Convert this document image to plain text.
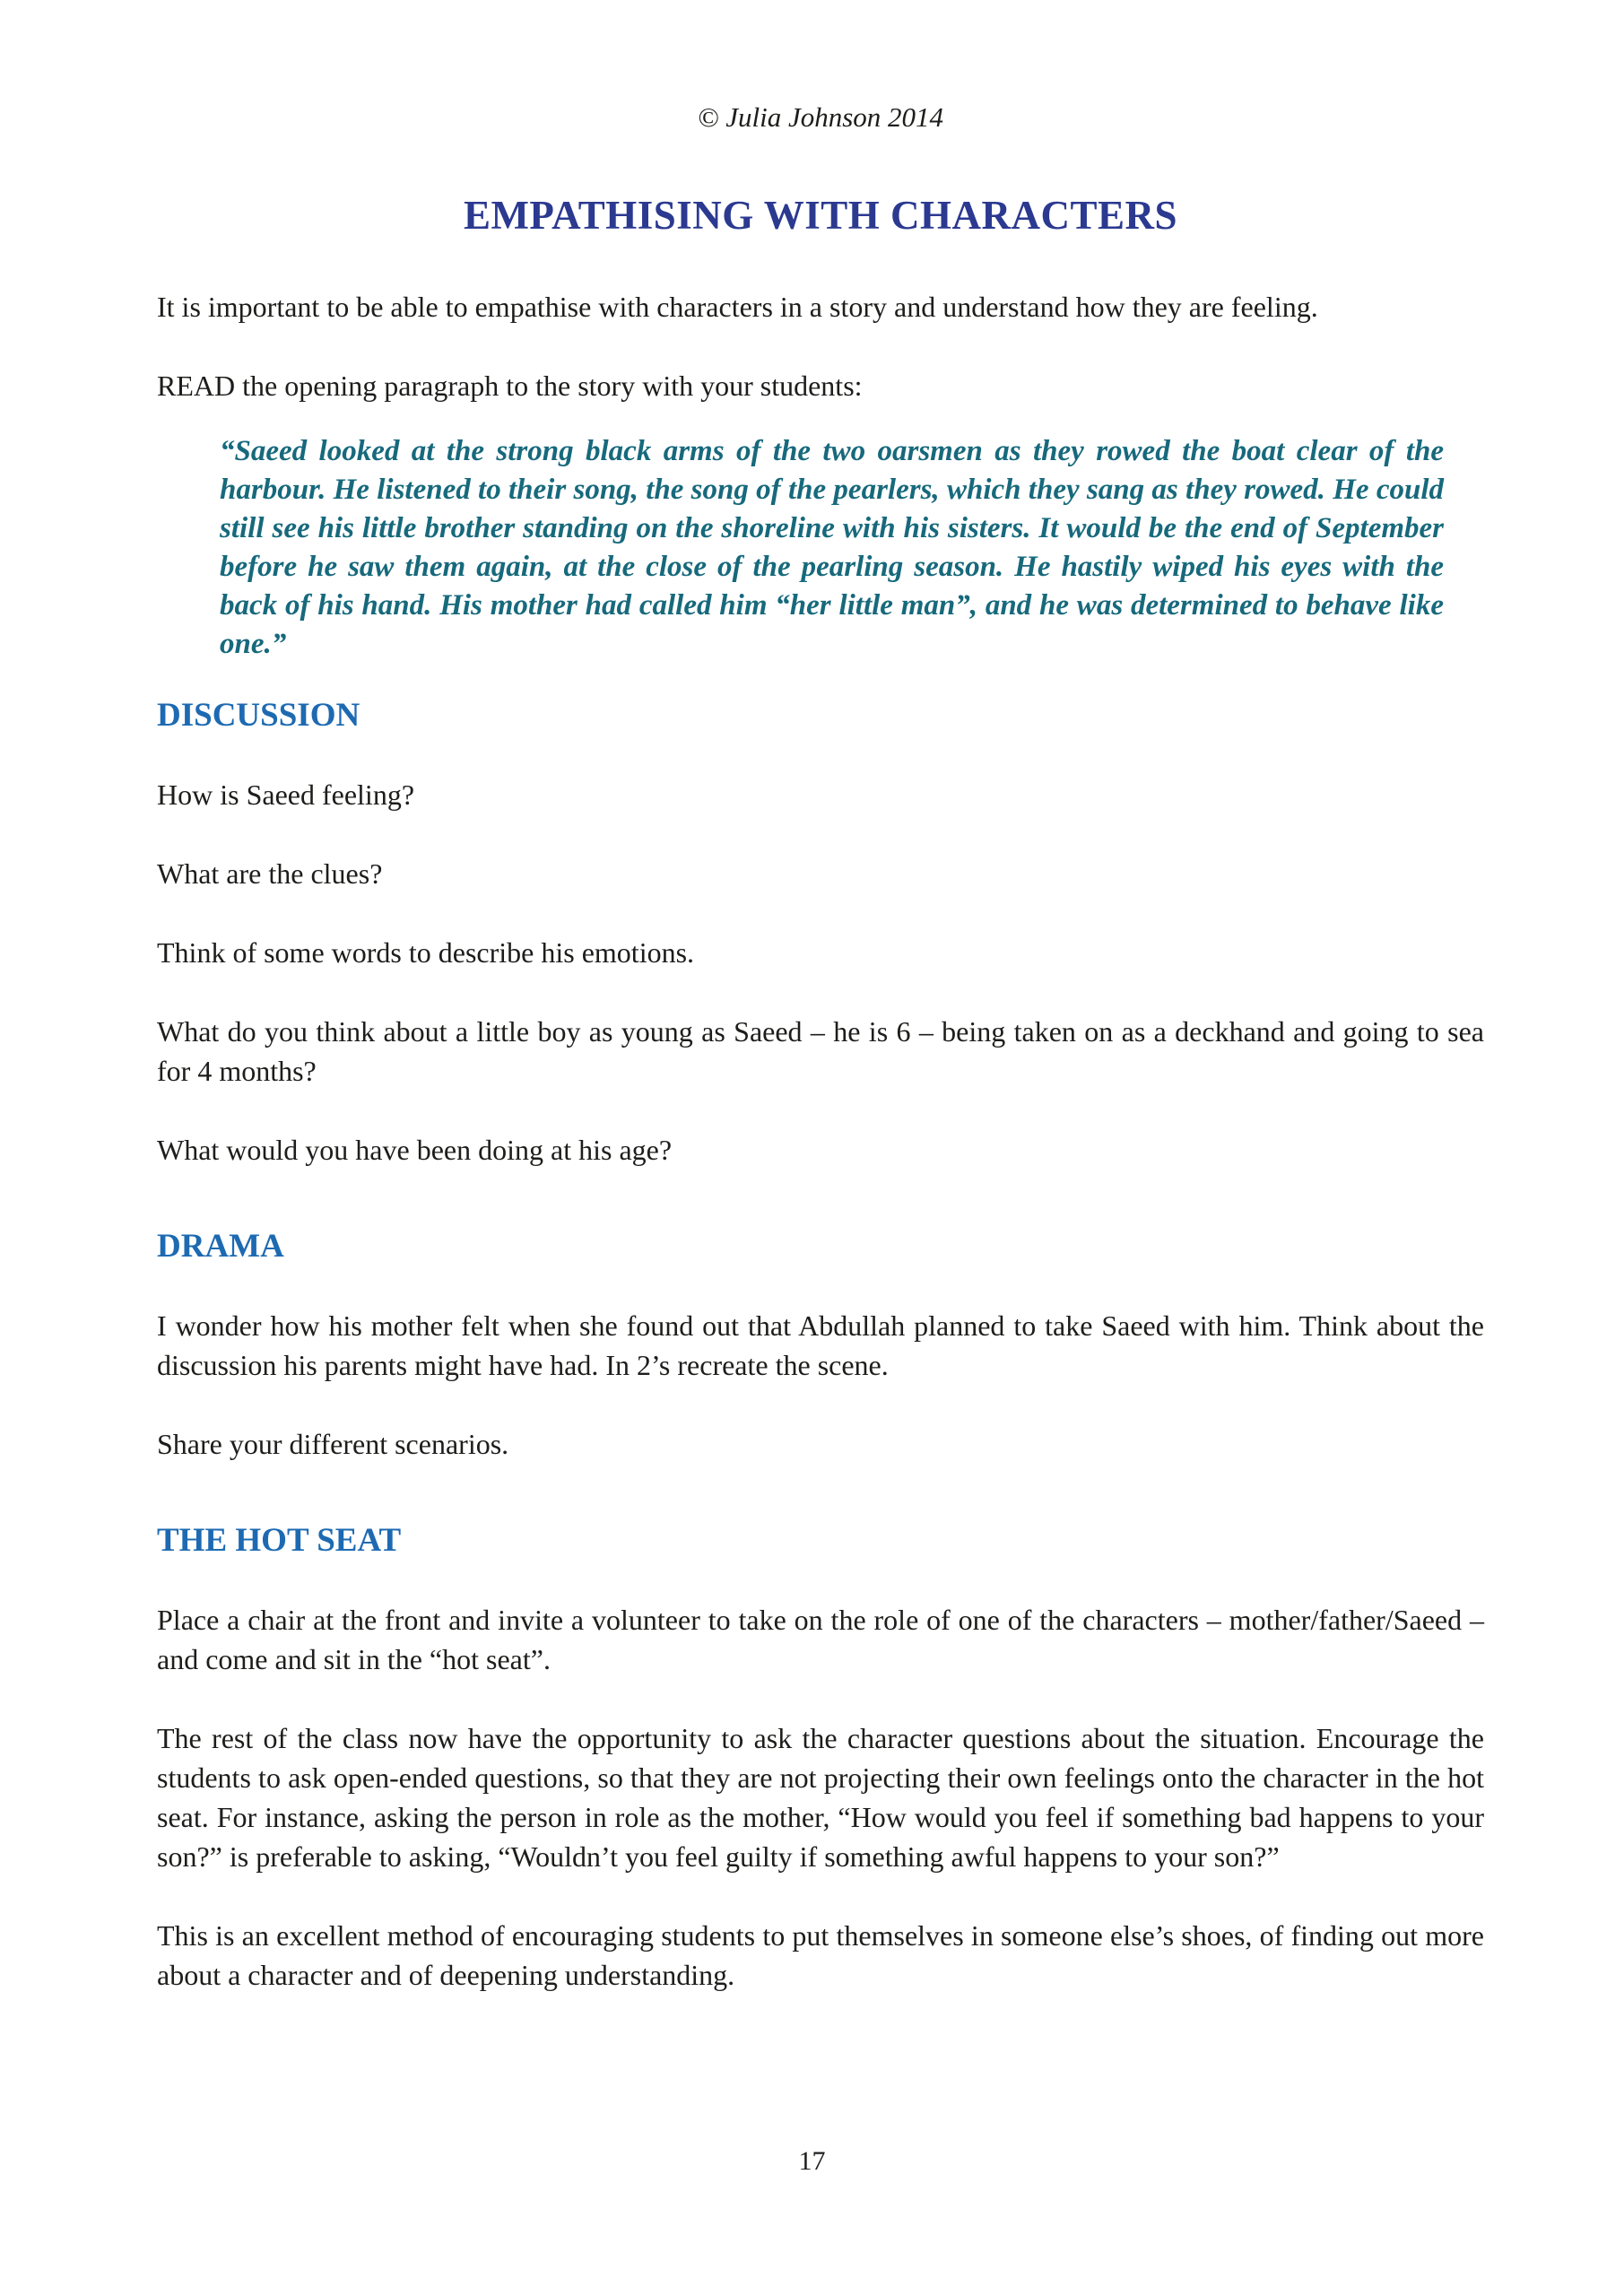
© Julia Johnson 2014
EMPATHISING WITH CHARACTERS

It is important to be able to empathise with characters in a story and understand how they are feeling.

READ the opening paragraph to the story with your students:

“Saeed looked at the strong black arms of the two oarsmen as they rowed the boat clear of the harbour. He listened to their song, the song of the pearlers, which they sang as they rowed. He could still see his little brother standing on the shoreline with his sisters. It would be the end of September before he saw them again, at the close of the pearling season. He hastily wiped his eyes with the back of his hand. His mother had called him “her little man”, and he was determined to behave like one.”

DISCUSSION

How is Saeed feeling?

What are the clues?

Think of some words to describe his emotions.

What do you think about a little boy as young as Saeed – he is 6 – being taken on as a deckhand and going to sea for 4 months?

What would you have been doing at his age?

DRAMA

I wonder how his mother felt when she found out that Abdullah planned to take Saeed with him. Think about the discussion his parents might have had. In 2’s recreate the scene.

Share your different scenarios.

THE HOT SEAT

Place a chair at the front and invite a volunteer to take on the role of one of the characters – mother/father/Saeed – and come and sit in the “hot seat”.

The rest of the class now have the opportunity to ask the character questions about the situation. Encourage the students to ask open-ended questions, so that they are not projecting their own feelings onto the character in the hot seat. For instance, asking the person in role as the mother, “How would you feel if something bad happens to your son?” is preferable to asking, “Wouldn’t you feel guilty if something awful happens to your son?”

This is an excellent method of encouraging students to put themselves in someone else’s shoes, of finding out more about a character and of deepening understanding.

17
